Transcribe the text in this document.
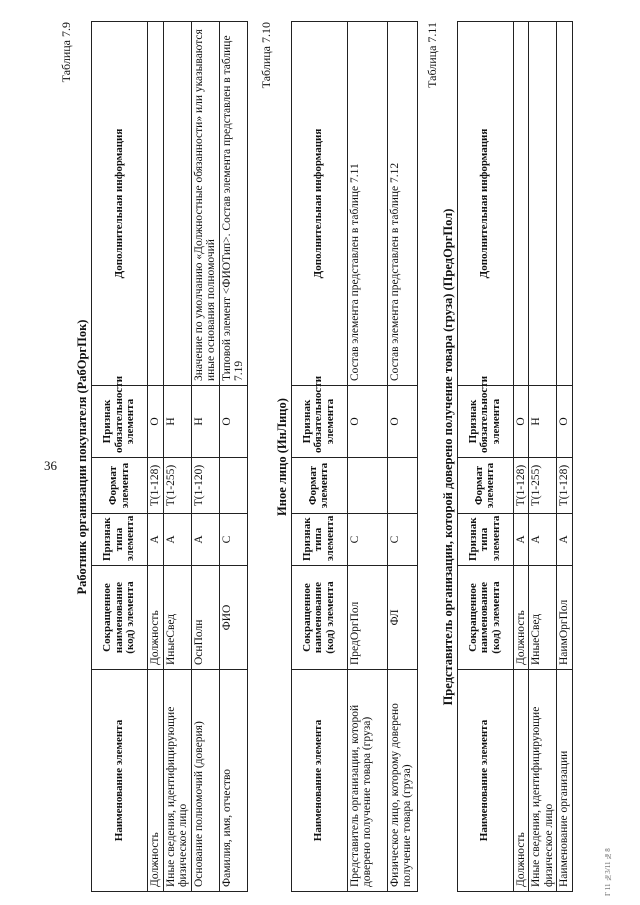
36
Таблица 7.9
Работник организации покупателя (РабОргПок)
Наименование элемента	Сокращенное наименование (код) элемента	Признак типа элемента	Формат элемента	Признак обязательности элемента	Дополнительная информация
Должность	Должность	А	T(1-128)	О	
Иные сведения, идентифицирующие физическое лицо	ИныеСвед	А	T(1-255)	Н	
Основание полномочий (доверия)	ОснПолн	А	T(1-120)	Н	Значение по умолчанию «Должностные обязанности» или указываются иные основания полномочий
Фамилия, имя, отчество	ФИО	С		О	Типовой элемент <ФИОТип>. Состав элемента представлен в таблице 7.19
Таблица 7.10
Иное лицо (ИнЛицо)
Наименование элемента	Сокращенное наименование (код) элемента	Признак типа элемента	Формат элемента	Признак обязательности элемента	Дополнительная информация
Представитель организации, которой доверено получение товара (груза)	ПредОргПол	С		О	Состав элемента представлен в таблице 7.11
Физическое лицо, которому доверено получение товара (груза)	ФЛ	С		О	Состав элемента представлен в таблице 7.12
Таблица 7.11
Представитель организации, которой доверено получение товара (груза) (ПредОргПол)
Наименование элемента	Сокращенное наименование (код) элемента	Признак типа элемента	Формат элемента	Признак обязательности элемента	Дополнительная информация
Должность	Должность	А	T(1-128)	О	
Иные сведения, идентифицирующие физическое лицо	ИныеСвед	А	T(1-255)	Н	
Наименование организации	НаимОргПол	А	T(1-128)	О	
Г 11 №3/11 №8
